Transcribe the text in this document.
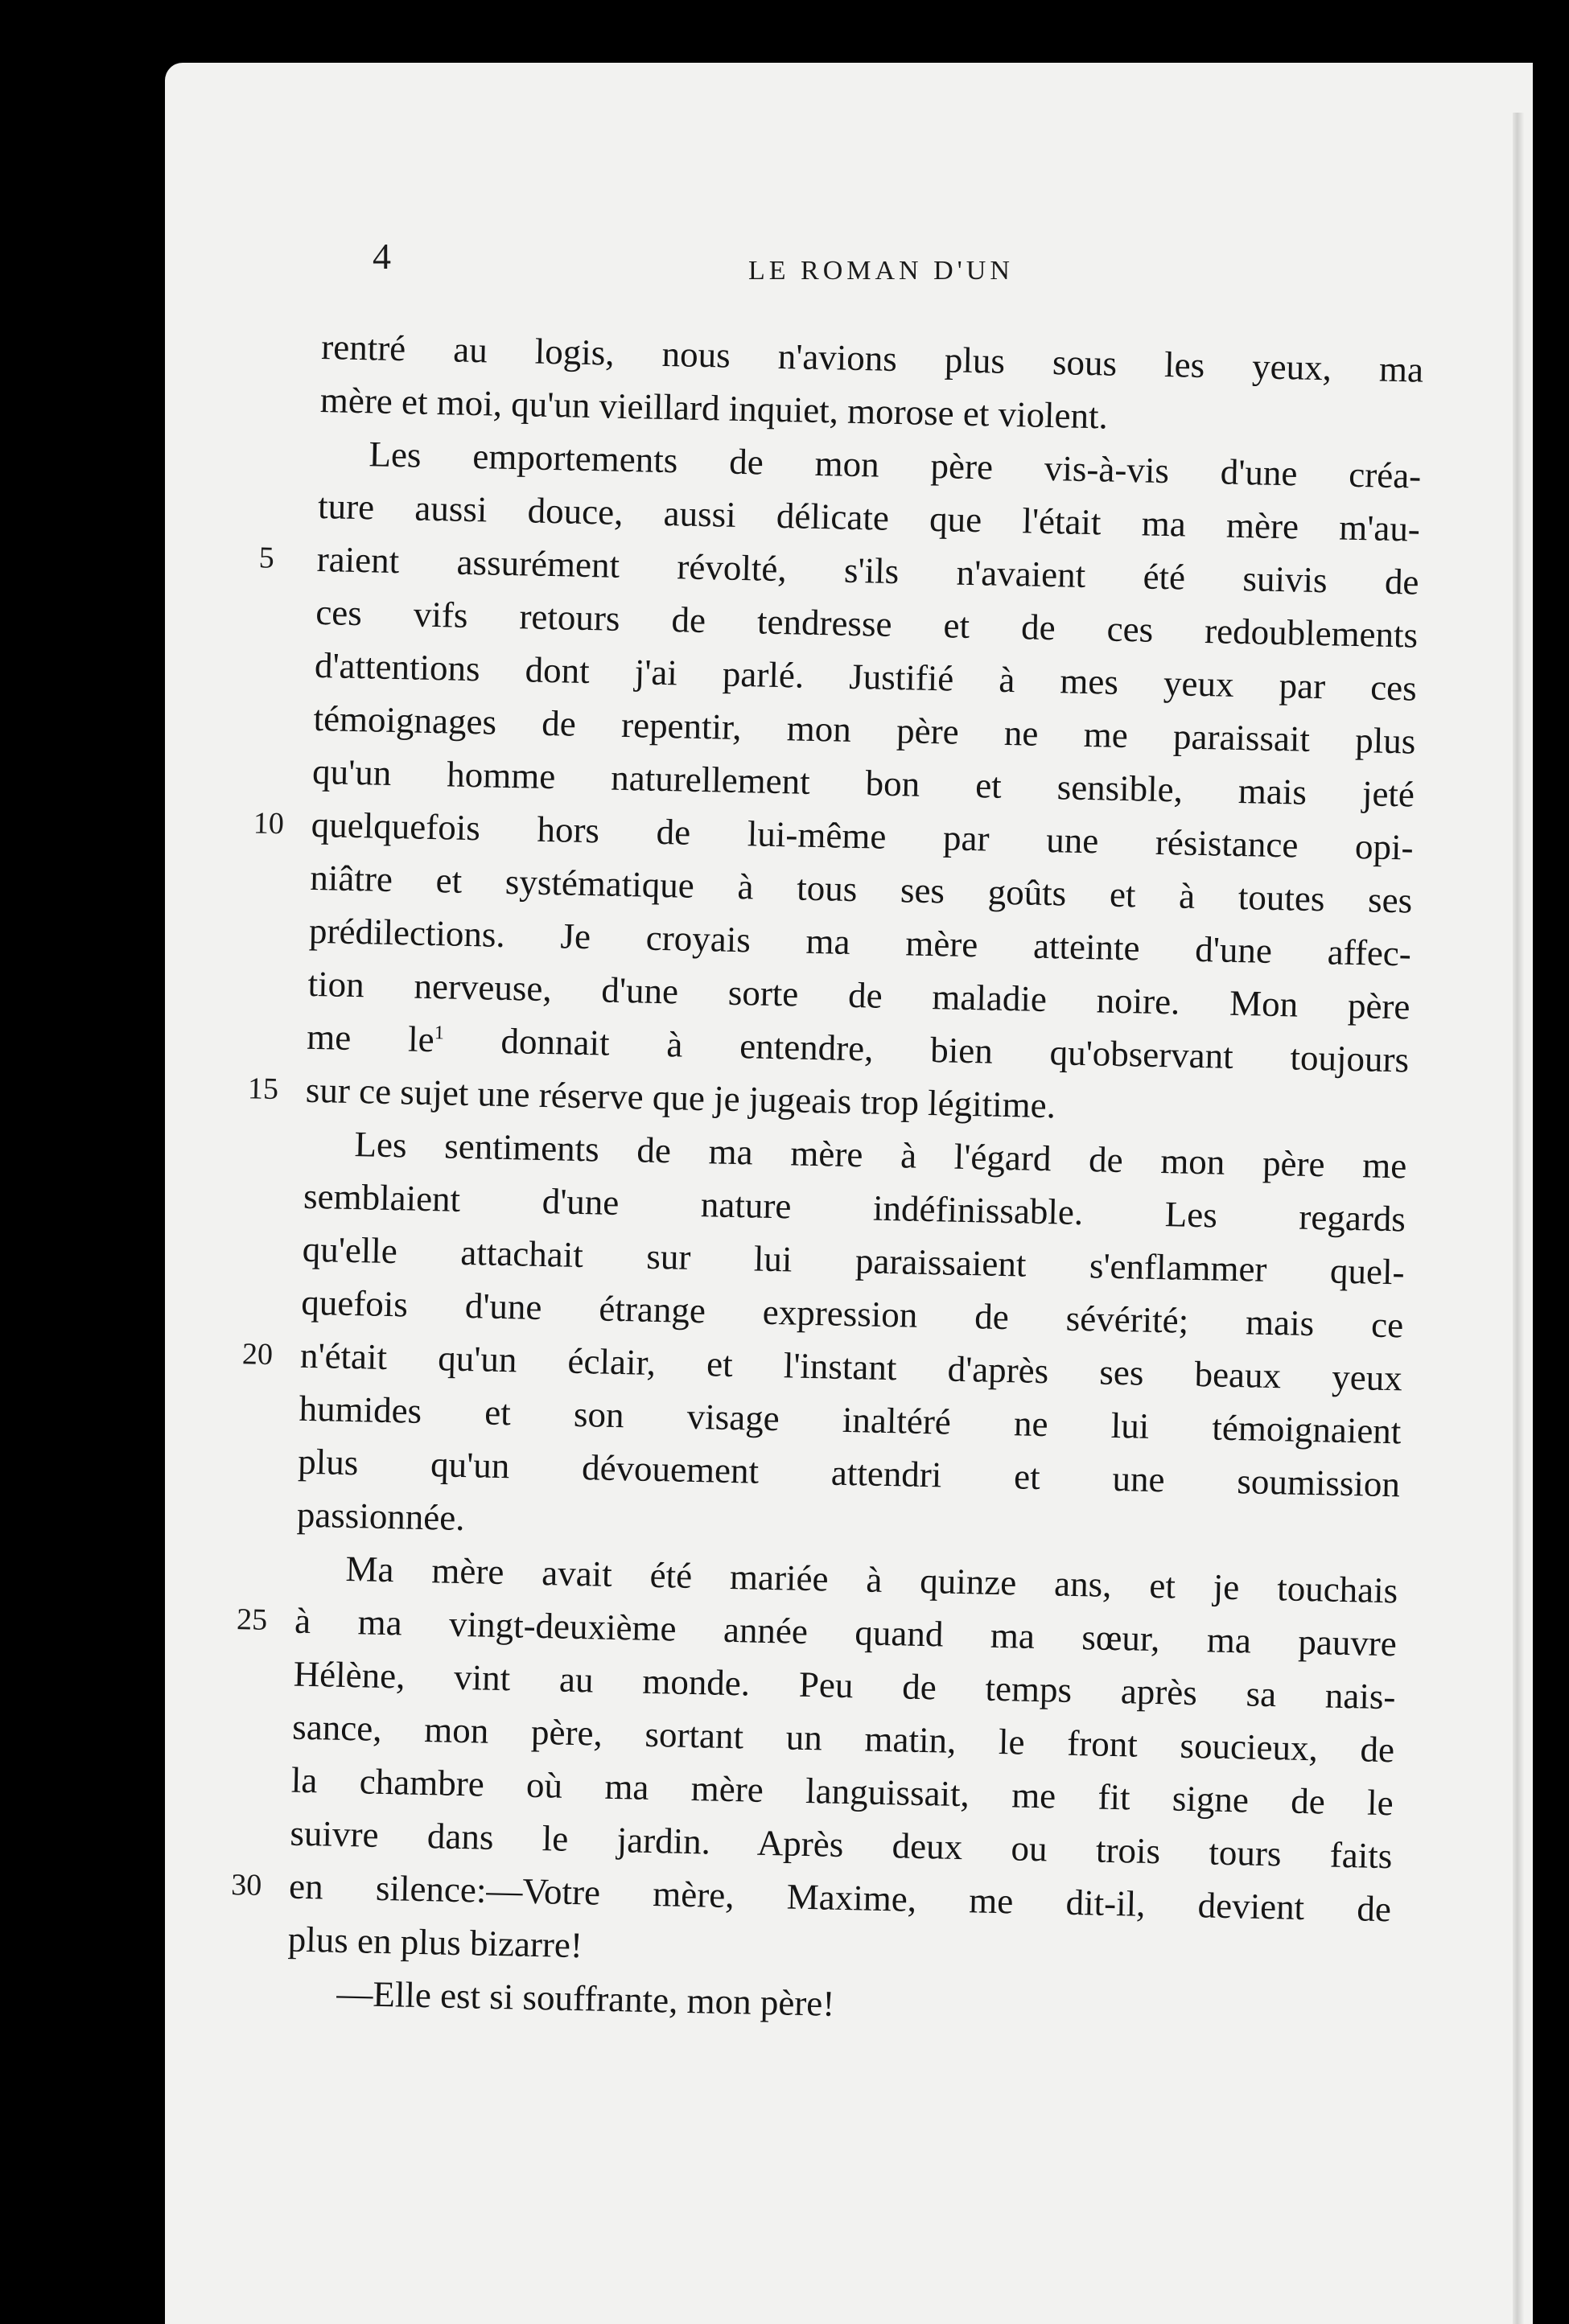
4	LE ROMAN D'UN
rentré au logis, nous n'avions plus sous les yeux, ma
mère et moi, qu'un vieillard inquiet, morose et violent.
Les emportements de mon père vis-à-vis d'une créa-
ture aussi douce, aussi délicate que l'était ma mère m'au-
raient assurément révolté, s'ils n'avaient été suivis de
5
ces vifs retours de tendresse et de ces redoublements
d'attentions dont j'ai parlé. Justifié à mes yeux par ces
témoignages de repentir, mon père ne me paraissait plus
qu'un homme naturellement bon et sensible, mais jeté
quelquefois hors de lui-même par une résistance opi-
10
niâtre et systématique à tous ses goûts et à toutes ses
prédilections. Je croyais ma mère atteinte d'une affec-
tion nerveuse, d'une sorte de maladie noire. Mon père
me $le^1$ donnait à entendre, bien qu'observant toujours
sur ce sujet une réserve que je jugeais trop légitime.
15
Les sentiments de ma mère à l'égard de mon père me
semblaient d'une nature indéfinissable. Les regards
qu'elle attachait sur lui paraissaient s'enflammer quel-
quefois d'une étrange expression de sévérité; mais ce
n'était qu'un éclair, et l'instant d'après ses beaux yeux
20
humides et son visage inaltéré ne lui témoignaient
plus qu'un dévouement attendri et une soumission
passionnée.
Ma mère avait été mariée à quinze ans, et je touchais
à ma vingt-deuxième année quand ma sœur, ma pauvre
25
Hélène, vint au monde. Peu de temps après sa nais-
sance, mon père, sortant un matin, le front soucieux, de
la chambre où ma mère languissait, me fit signe de le
suivre dans le jardin. Après deux ou trois tours faits
en silence:—Votre mère, Maxime, me dit-il, devient de
30
plus en plus bizarre!
—Elle est si souffrante, mon père!
